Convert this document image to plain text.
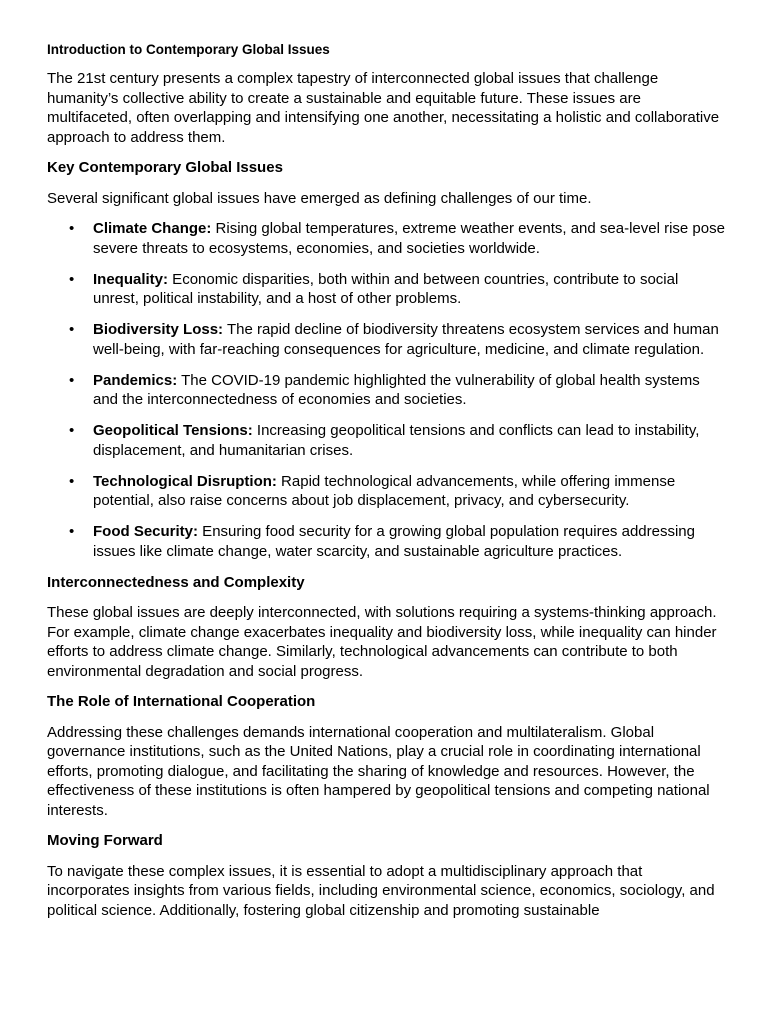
Introduction to Contemporary Global Issues

The 21st century presents a complex tapestry of interconnected global issues that challenge humanity’s collective ability to create a sustainable and equitable future. These issues are multifaceted, often overlapping and intensifying one another, necessitating a holistic and collaborative approach to address them.

Key Contemporary Global Issues

Several significant global issues have emerged as defining challenges of our time.

• Climate Change: Rising global temperatures, extreme weather events, and sea-level rise pose severe threats to ecosystems, economies, and societies worldwide.
• Inequality: Economic disparities, both within and between countries, contribute to social unrest, political instability, and a host of other problems.
• Biodiversity Loss: The rapid decline of biodiversity threatens ecosystem services and human well-being, with far-reaching consequences for agriculture, medicine, and climate regulation.
• Pandemics: The COVID-19 pandemic highlighted the vulnerability of global health systems and the interconnectedness of economies and societies.
• Geopolitical Tensions: Increasing geopolitical tensions and conflicts can lead to instability, displacement, and humanitarian crises.
• Technological Disruption: Rapid technological advancements, while offering immense potential, also raise concerns about job displacement, privacy, and cybersecurity.
• Food Security: Ensuring food security for a growing global population requires addressing issues like climate change, water scarcity, and sustainable agriculture practices.
Interconnectedness and Complexity

These global issues are deeply interconnected, with solutions requiring a systems-thinking approach. For example, climate change exacerbates inequality and biodiversity loss, while inequality can hinder efforts to address climate change. Similarly, technological advancements can contribute to both environmental degradation and social progress.

The Role of International Cooperation

Addressing these challenges demands international cooperation and multilateralism. Global governance institutions, such as the United Nations, play a crucial role in coordinating international efforts, promoting dialogue, and facilitating the sharing of knowledge and resources. However, the effectiveness of these institutions is often hampered by geopolitical tensions and competing national interests.

Moving Forward

To navigate these complex issues, it is essential to adopt a multidisciplinary approach that incorporates insights from various fields, including environmental science, economics, sociology, and political science. Additionally, fostering global citizenship and promoting sustainable
